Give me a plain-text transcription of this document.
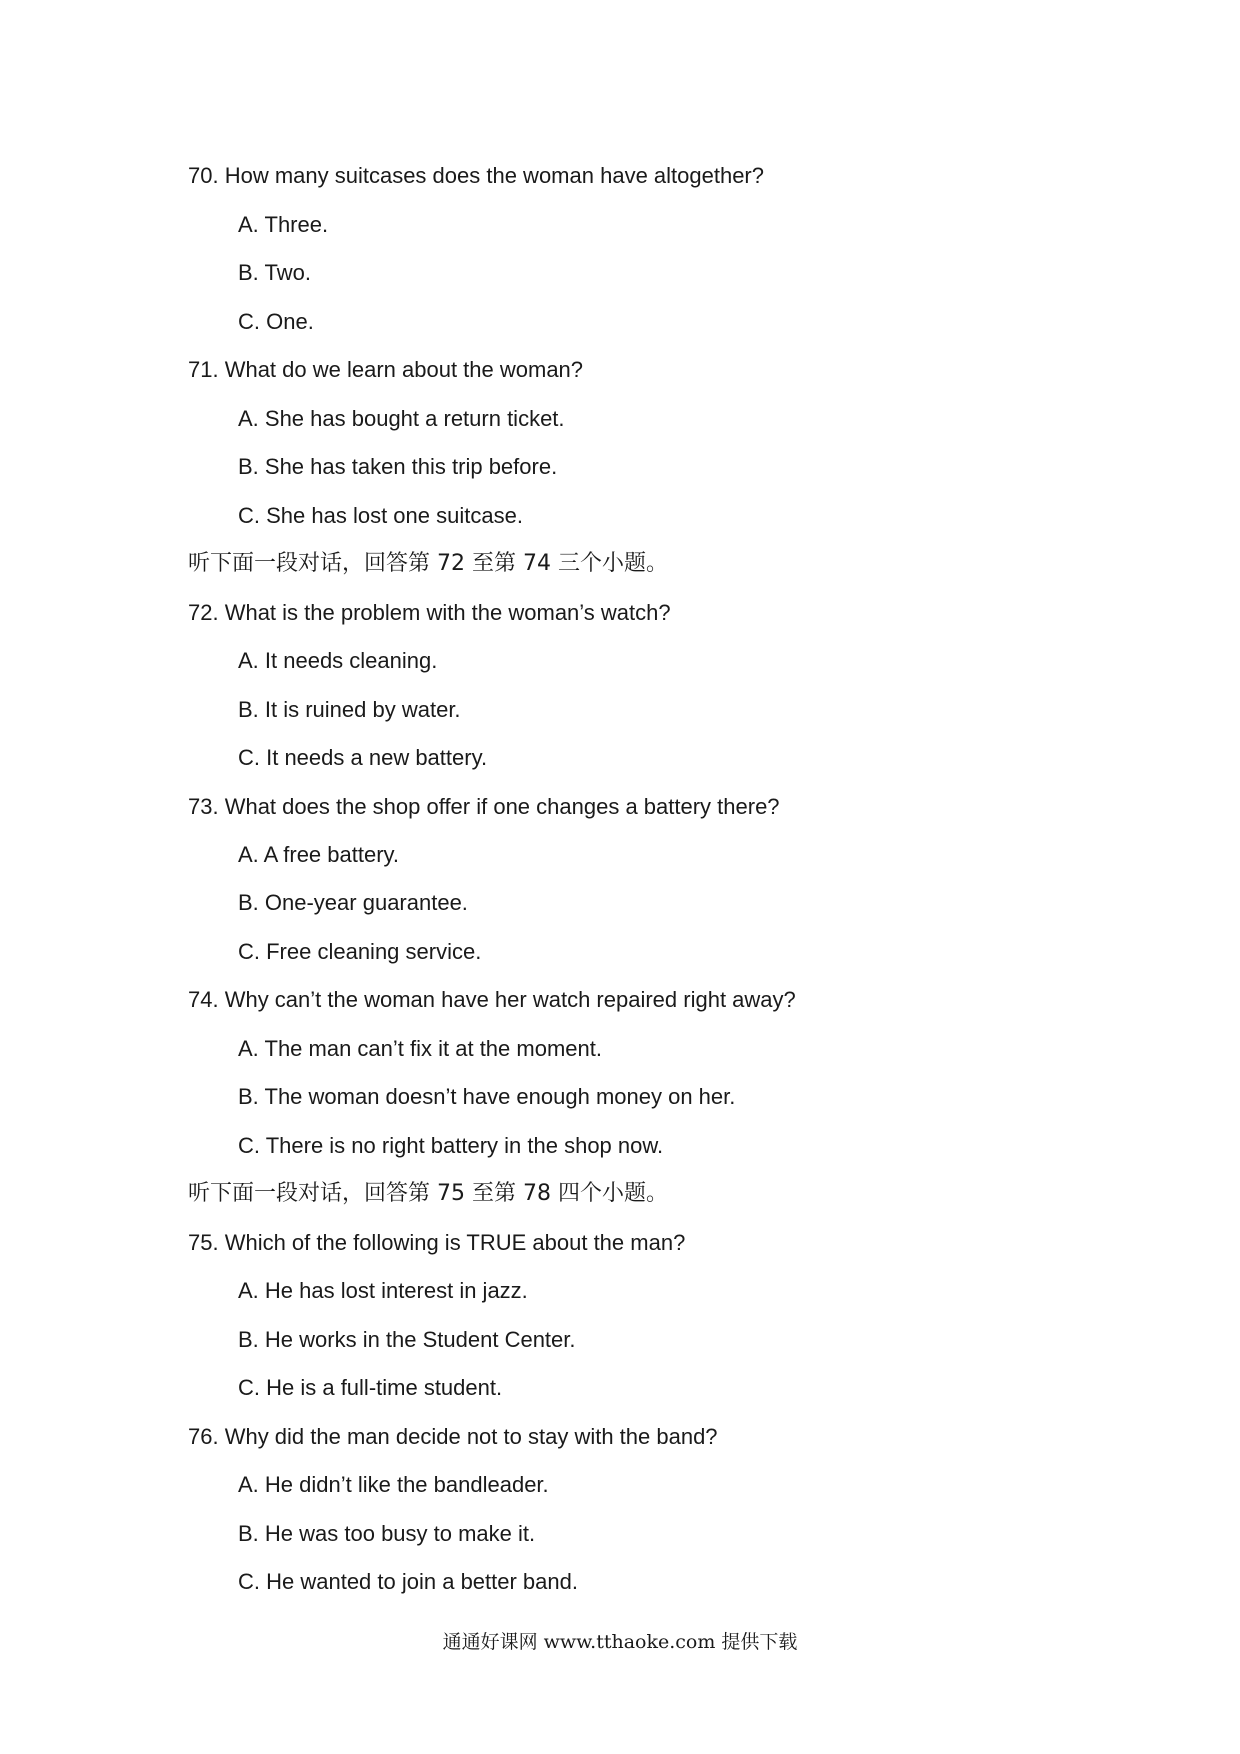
70. How many suitcases does the woman have altogether?
A. Three.
B. Two.
C. One.
71. What do we learn about the woman?
A. She has bought a return ticket.
B. She has taken this trip before.
C. She has lost one suitcase.
听下面一段对话，回答第 72 至第 74 三个小题。
72. What is the problem with the woman’s watch?
A. It needs cleaning.
B. It is ruined by water.
C. It needs a new battery.
73. What does the shop offer if one changes a battery there?
A. A free battery.
B. One-year guarantee.
C. Free cleaning service.
74. Why can’t the woman have her watch repaired right away?
A. The man can’t fix it at the moment.
B. The woman doesn’t have enough money on her.
C. There is no right battery in the shop now.
听下面一段对话，回答第 75 至第 78 四个小题。
75. Which of the following is TRUE about the man?
A. He has lost interest in jazz.
B. He works in the Student Center.
C. He is a full-time student.
76. Why did the man decide not to stay with the band?
A. He didn’t like the bandleader.
B. He was too busy to make it.
C. He wanted to join a better band.
通通好课网 www.tthaoke.com 提供下载
